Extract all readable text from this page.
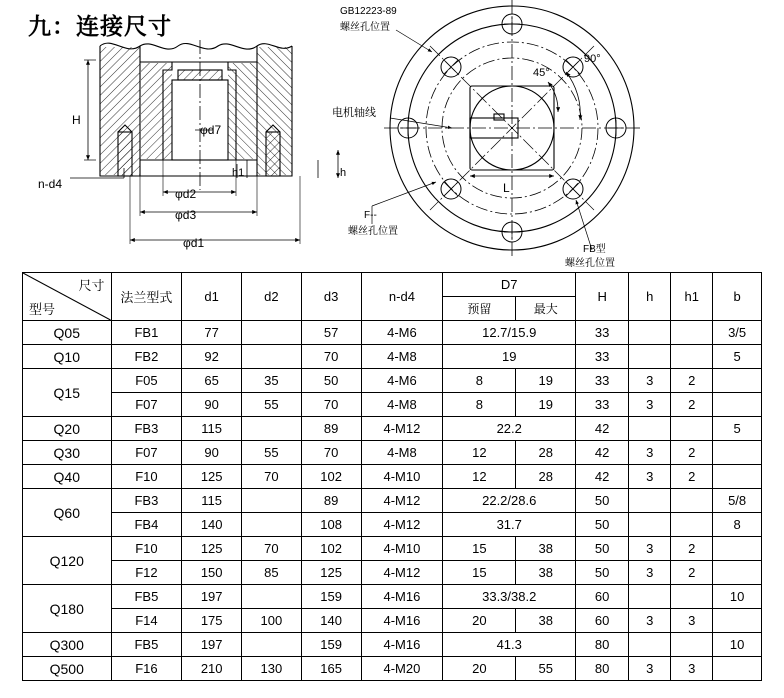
九：连接尺寸
H
φd7
n-d4
φd2
φd3
φd1
h1	h
GB12223-89
螺丝孔位置
电机轴线
45°
90°
L
F--
螺丝孔位置
FB型
螺丝孔位置
尺寸
型号	法兰型式	d1	d2	d3	n-d4	D7		H	h	h1	b
						预留	最大				
Q05	FB1	77		57	4-M6	12.7/15.9		33			3/5
Q10	FB2	92		70	4-M8	19		33			5
Q15	F05	65	35	50	4-M6	8	19	33	3	2	
	F07	90	55	70	4-M8	8	19	33	3	2	
Q20	FB3	115		89	4-M12	22.2		42			5
Q30	F07	90	55	70	4-M8	12	28	42	3	2	
Q40	F10	125	70	102	4-M10	12	28	42	3	2	
Q60	FB3	115		89	4-M12	22.2/28.6		50			5/8
	FB4	140		108	4-M12	31.7		50			8
Q120	F10	125	70	102	4-M10	15	38	50	3	2	
	F12	150	85	125	4-M12	15	38	50	3	2	
Q180	FB5	197		159	4-M16	33.3/38.2		60			10
	F14	175	100	140	4-M16	20	38	60	3	3	
Q300	FB5	197		159	4-M16	41.3		80			10
Q500	F16	210	130	165	4-M20	20	55	80	3	3	
